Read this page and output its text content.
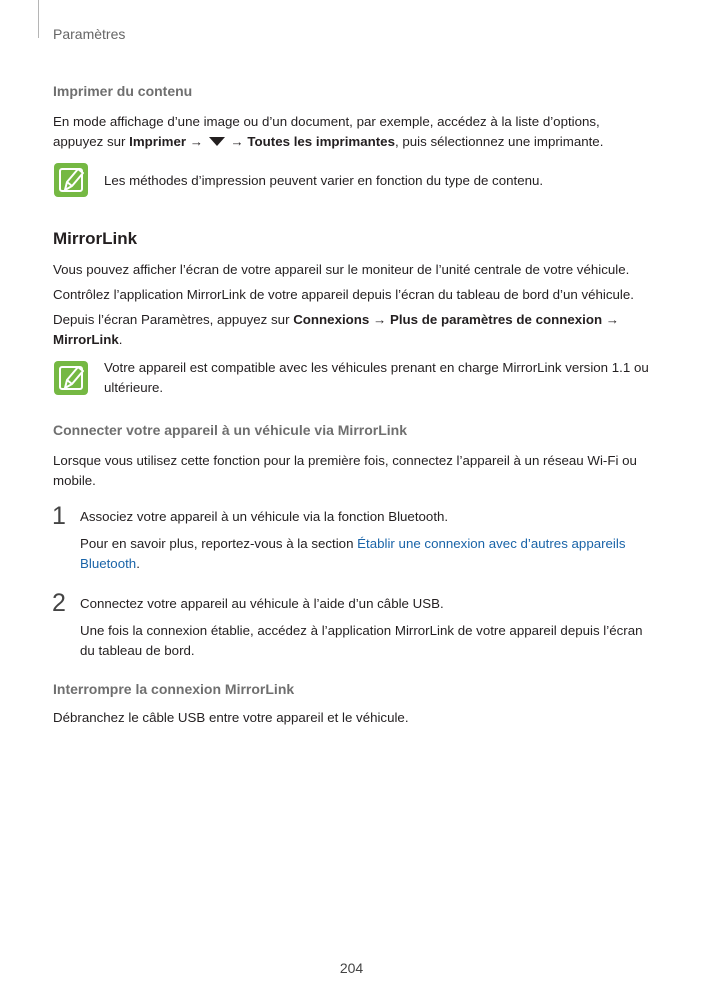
Paramètres
Imprimer du contenu
En mode affichage d’une image ou d’un document, par exemple, accédez à la liste d’options,
appuyez sur Imprimer →  → Toutes les imprimantes, puis sélectionnez une imprimante.
Les méthodes d’impression peuvent varier en fonction du type de contenu.
MirrorLink
Vous pouvez afficher l’écran de votre appareil sur le moniteur de l’unité centrale de votre véhicule.
Contrôlez l’application MirrorLink de votre appareil depuis l’écran du tableau de bord d’un véhicule.
Depuis l’écran Paramètres, appuyez sur Connexions → Plus de paramètres de connexion →
MirrorLink.
Votre appareil est compatible avec les véhicules prenant en charge MirrorLink version 1.1 ou ultérieure.
Connecter votre appareil à un véhicule via MirrorLink
Lorsque vous utilisez cette fonction pour la première fois, connectez l’appareil à un réseau Wi-Fi ou mobile.
1 Associez votre appareil à un véhicule via la fonction Bluetooth.
Pour en savoir plus, reportez-vous à la section Établir une connexion avec d’autres appareils Bluetooth.
2 Connectez votre appareil au véhicule à l’aide d’un câble USB.
Une fois la connexion établie, accédez à l’application MirrorLink de votre appareil depuis l’écran du tableau de bord.
Interrompre la connexion MirrorLink
Débranchez le câble USB entre votre appareil et le véhicule.
204
